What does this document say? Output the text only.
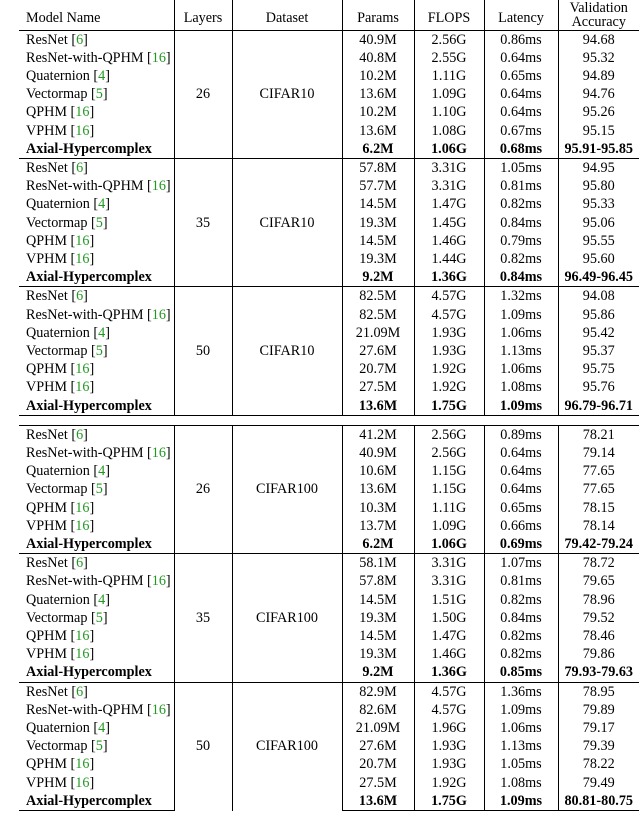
Model Name	Layers	Dataset	Params	FLOPS	Latency	Validation Accuracy
ResNet [6]	26	CIFAR10	40.9M	2.56G	0.86ms	94.68
ResNet-with-QPHM [16]			40.8M	2.55G	0.64ms	95.32
Quaternion [4]			10.2M	1.11G	0.65ms	94.89
Vectormap [5]			13.6M	1.09G	0.64ms	94.76
QPHM [16]			10.2M	1.10G	0.64ms	95.26
VPHM [16]			13.6M	1.08G	0.67ms	95.15
Axial-Hypercomplex			6.2M	1.06G	0.68ms	95.91-95.85
ResNet [6]	35	CIFAR10	57.8M	3.31G	1.05ms	94.95
ResNet-with-QPHM [16]			57.7M	3.31G	0.81ms	95.80
Quaternion [4]			14.5M	1.47G	0.82ms	95.33
Vectormap [5]			19.3M	1.45G	0.84ms	95.06
QPHM [16]			14.5M	1.46G	0.79ms	95.55
VPHM [16]			19.3M	1.44G	0.82ms	95.60
Axial-Hypercomplex			9.2M	1.36G	0.84ms	96.49-96.45
ResNet [6]	50	CIFAR10	82.5M	4.57G	1.32ms	94.08
ResNet-with-QPHM [16]			82.5M	4.57G	1.09ms	95.86
Quaternion [4]			21.09M	1.93G	1.06ms	95.42
Vectormap [5]			27.6M	1.93G	1.13ms	95.37
QPHM [16]			20.7M	1.92G	1.06ms	95.75
VPHM [16]			27.5M	1.92G	1.08ms	95.76
Axial-Hypercomplex			13.6M	1.75G	1.09ms	96.79-96.71

ResNet [6]	26	CIFAR100	41.2M	2.56G	0.89ms	78.21
ResNet-with-QPHM [16]			40.9M	2.56G	0.64ms	79.14
Quaternion [4]			10.6M	1.15G	0.64ms	77.65
Vectormap [5]			13.6M	1.15G	0.64ms	77.65
QPHM [16]			10.3M	1.11G	0.65ms	78.15
VPHM [16]			13.7M	1.09G	0.66ms	78.14
Axial-Hypercomplex			6.2M	1.06G	0.69ms	79.42-79.24
ResNet [6]	35	CIFAR100	58.1M	3.31G	1.07ms	78.72
ResNet-with-QPHM [16]			57.8M	3.31G	0.81ms	79.65
Quaternion [4]			14.5M	1.51G	0.82ms	78.96
Vectormap [5]			19.3M	1.50G	0.84ms	79.52
QPHM [16]			14.5M	1.47G	0.82ms	78.46
VPHM [16]			19.3M	1.46G	0.82ms	79.86
Axial-Hypercomplex			9.2M	1.36G	0.85ms	79.93-79.63
ResNet [6]	50	CIFAR100	82.9M	4.57G	1.36ms	78.95
ResNet-with-QPHM [16]			82.6M	4.57G	1.09ms	79.89
Quaternion [4]			21.09M	1.96G	1.06ms	79.17
Vectormap [5]			27.6M	1.93G	1.13ms	79.39
QPHM [16]			20.7M	1.93G	1.05ms	78.22
VPHM [16]			27.5M	1.92G	1.08ms	79.49
Axial-Hypercomplex			13.6M	1.75G	1.09ms	80.81-80.75
